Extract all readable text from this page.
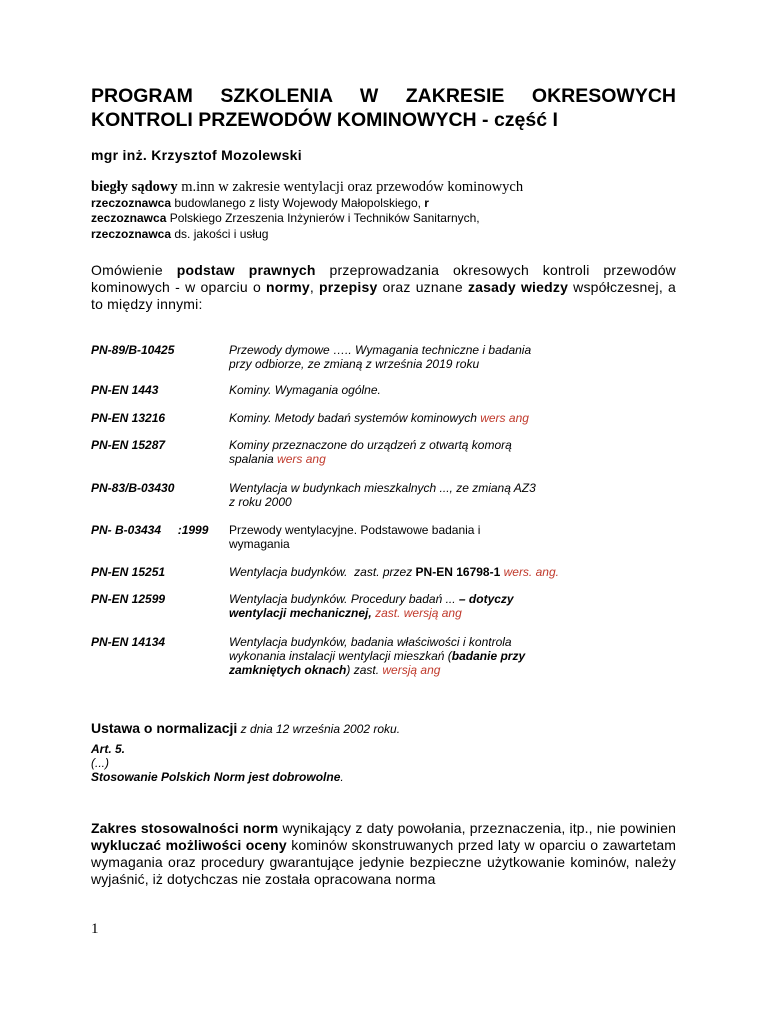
PROGRAM SZKOLENIA W ZAKRESIE OKRESOWYCH KONTROLI PRZEWODÓW KOMINOWYCH - część I
mgr inż. Krzysztof Mozolewski
biegły sądowy m.inn w zakresie wentylacji oraz przewodów kominowych
rzeczoznawca budowlanego z listy Wojewody Małopolskiego, r
zeczoznawca Polskiego Zrzeszenia Inżynierów i Techników Sanitarnych,
rzeczoznawca ds. jakości i usług
Omówienie podstaw prawnych przeprowadzania okresowych kontroli przewodów kominowych - w oparciu o normy, przepisy oraz uznane zasady wiedzy współczesnej, a to między innymi:
PN-89/B-10425	Przewody dymowe ….. Wymagania techniczne i badania
przy odbiorze, ze zmianą z września 2019 roku
PN-EN 1443	Kominy. Wymagania ogólne.
PN-EN 13216	Kominy. Metody badań systemów kominowych wers ang
PN-EN 15287	Kominy przeznaczone do urządzeń z otwartą komorą
spalania wers ang
PN-83/B-03430	Wentylacja w budynkach mieszkalnych ..., ze zmianą AZ3
z roku 2000
PN- B-03434     :1999	Przewody wentylacyjne. Podstawowe badania i
wymagania
PN-EN 15251	Wentylacja budynków.  zast. przez PN-EN 16798-1 wers. ang.
PN-EN 12599	Wentylacja budynków. Procedury badań ... – dotyczy
wentylacji mechanicznej, zast. wersją ang
PN-EN 14134	Wentylacja budynków, badania właściwości i kontrola
wykonania instalacji wentylacji mieszkań (badanie przy
zamkniętych oknach) zast. wersją ang
Ustawa o normalizacji z dnia 12 września 2002 roku.
Art. 5.
(...)
Stosowanie Polskich Norm jest dobrowolne.
Zakres stosowalności norm wynikający z daty powołania, przeznaczenia, itp., nie powinien wykluczać możliwości oceny kominów skonstruwanych przed laty w oparciu o zawartetam wymagania oraz procedury gwarantujące jedynie bezpieczne użytkowanie kominów, należy wyjaśnić, iż dotychczas nie została opracowana norma
1
